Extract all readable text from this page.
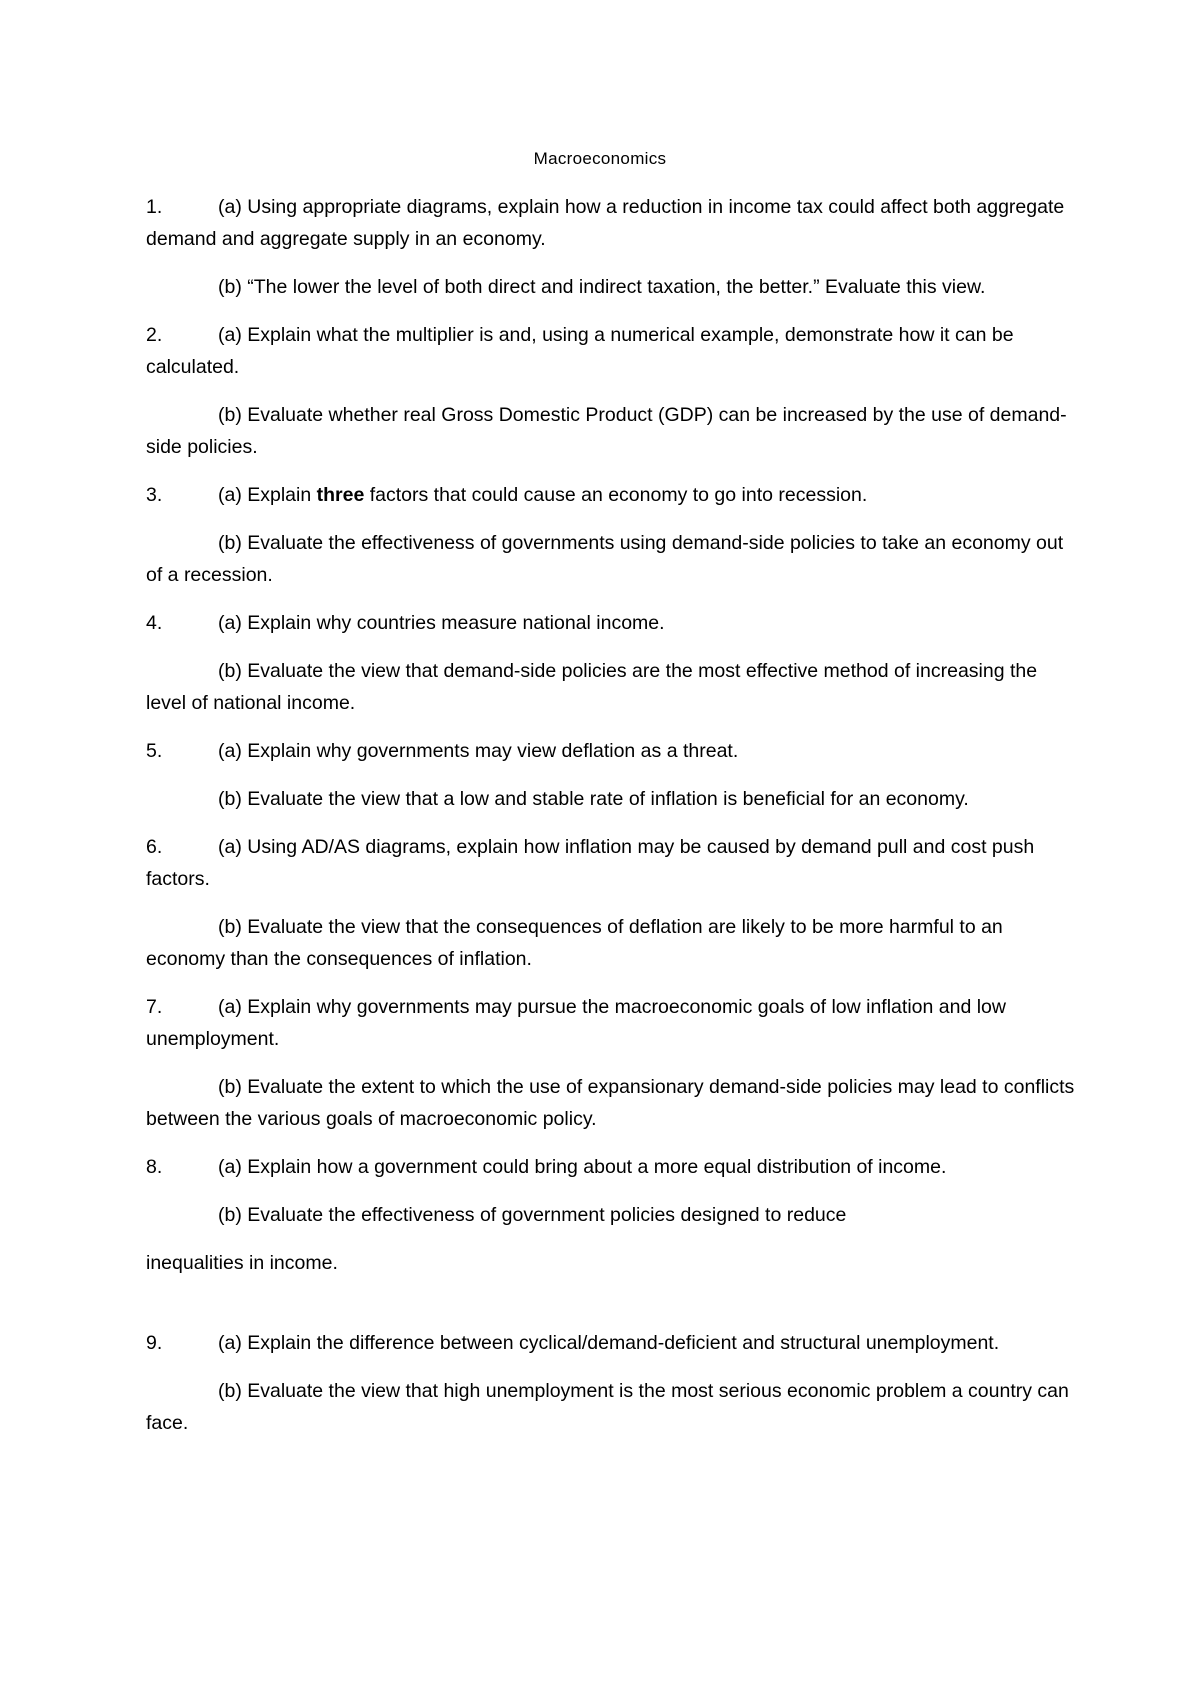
Macroeconomics

1.	(a) Using appropriate diagrams, explain how a reduction in income tax could affect both aggregate demand and aggregate supply in an economy.

(b) “The lower the level of both direct and indirect taxation, the better.” Evaluate this view.

2.	(a) Explain what the multiplier is and, using a numerical example, demonstrate how it can be calculated.

(b) Evaluate whether real Gross Domestic Product (GDP) can be increased by the use of demand-side policies.

3.	(a) Explain three factors that could cause an economy to go into recession.

(b) Evaluate the effectiveness of governments using demand-side policies to take an economy out of a recession.

4.	(a) Explain why countries measure national income.

(b) Evaluate the view that demand-side policies are the most effective method of increasing the level of national income.

5.	(a) Explain why governments may view deflation as a threat.

(b) Evaluate the view that a low and stable rate of inflation is beneficial for an economy.

6.	(a) Using AD/AS diagrams, explain how inflation may be caused by demand pull and cost push factors.

(b) Evaluate the view that the consequences of deflation are likely to be more harmful to an economy than the consequences of inflation.

7.	(a) Explain why governments may pursue the macroeconomic goals of low inflation and low unemployment.

(b) Evaluate the extent to which the use of expansionary demand-side policies may lead to conflicts between the various goals of macroeconomic policy.

8.	(a) Explain how a government could bring about a more equal distribution of income.

(b) Evaluate the effectiveness of government policies designed to reduce

inequalities in income.

9.	(a) Explain the difference between cyclical/demand-deficient and structural unemployment.

(b) Evaluate the view that high unemployment is the most serious economic problem a country can face.
